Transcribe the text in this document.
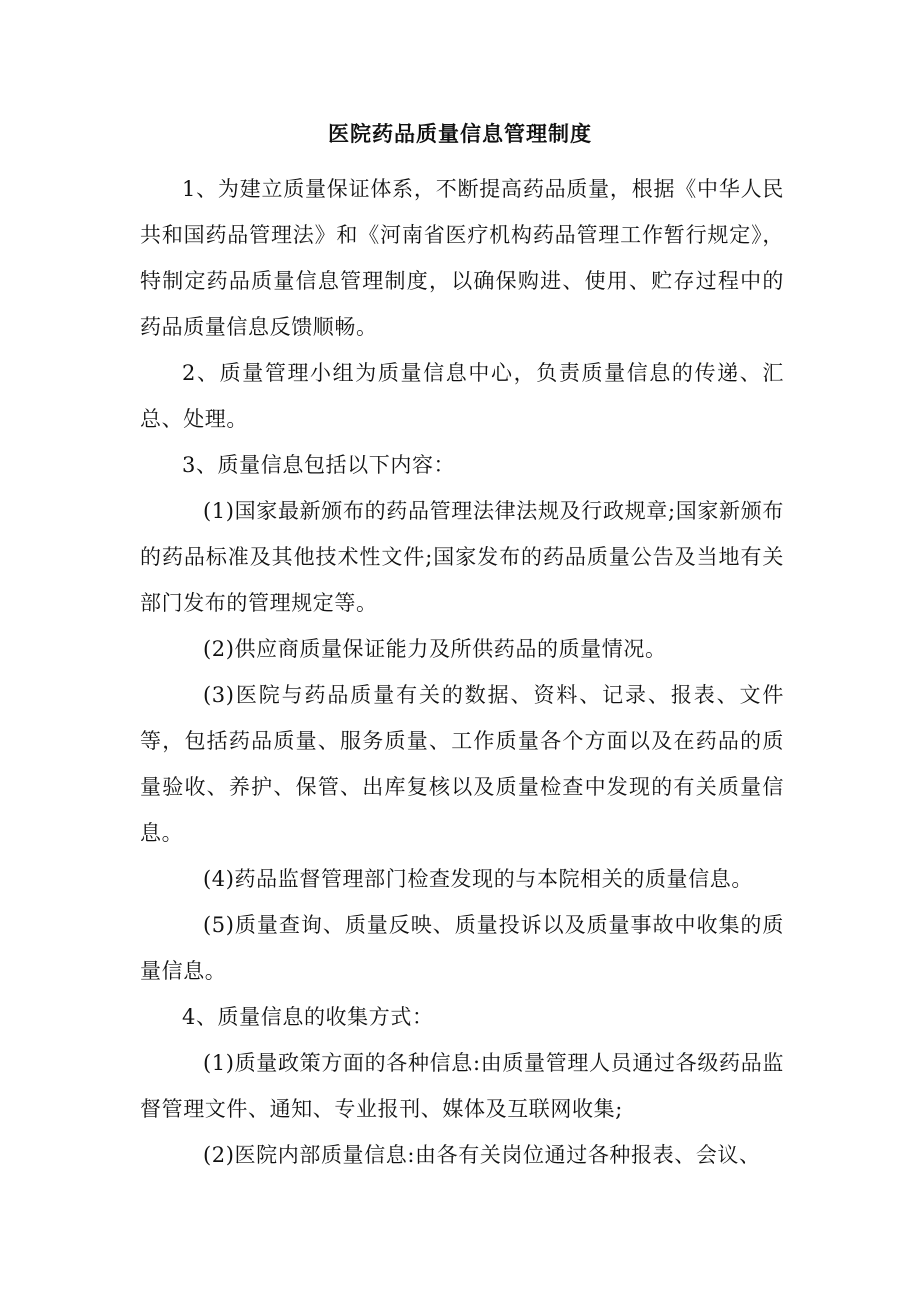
医院药品质量信息管理制度

1、为建立质量保证体系，不断提高药品质量，根据《中华人民共和国药品管理法》和《河南省医疗机构药品管理工作暂行规定》，特制定药品质量信息管理制度，以确保购进、使用、贮存过程中的药品质量信息反馈顺畅。

2、质量管理小组为质量信息中心，负责质量信息的传递、汇总、处理。

3、质量信息包括以下内容：

(1)国家最新颁布的药品管理法律法规及行政规章;国家新颁布的药品标准及其他技术性文件;国家发布的药品质量公告及当地有关部门发布的管理规定等。

(2)供应商质量保证能力及所供药品的质量情况。

(3)医院与药品质量有关的数据、资料、记录、报表、文件等，包括药品质量、服务质量、工作质量各个方面以及在药品的质量验收、养护、保管、出库复核以及质量检查中发现的有关质量信息。

(4)药品监督管理部门检查发现的与本院相关的质量信息。

(5)质量查询、质量反映、质量投诉以及质量事故中收集的质量信息。

4、质量信息的收集方式：

(1)质量政策方面的各种信息:由质量管理人员通过各级药品监督管理文件、通知、专业报刊、媒体及互联网收集;

(2)医院内部质量信息:由各有关岗位通过各种报表、会议、
